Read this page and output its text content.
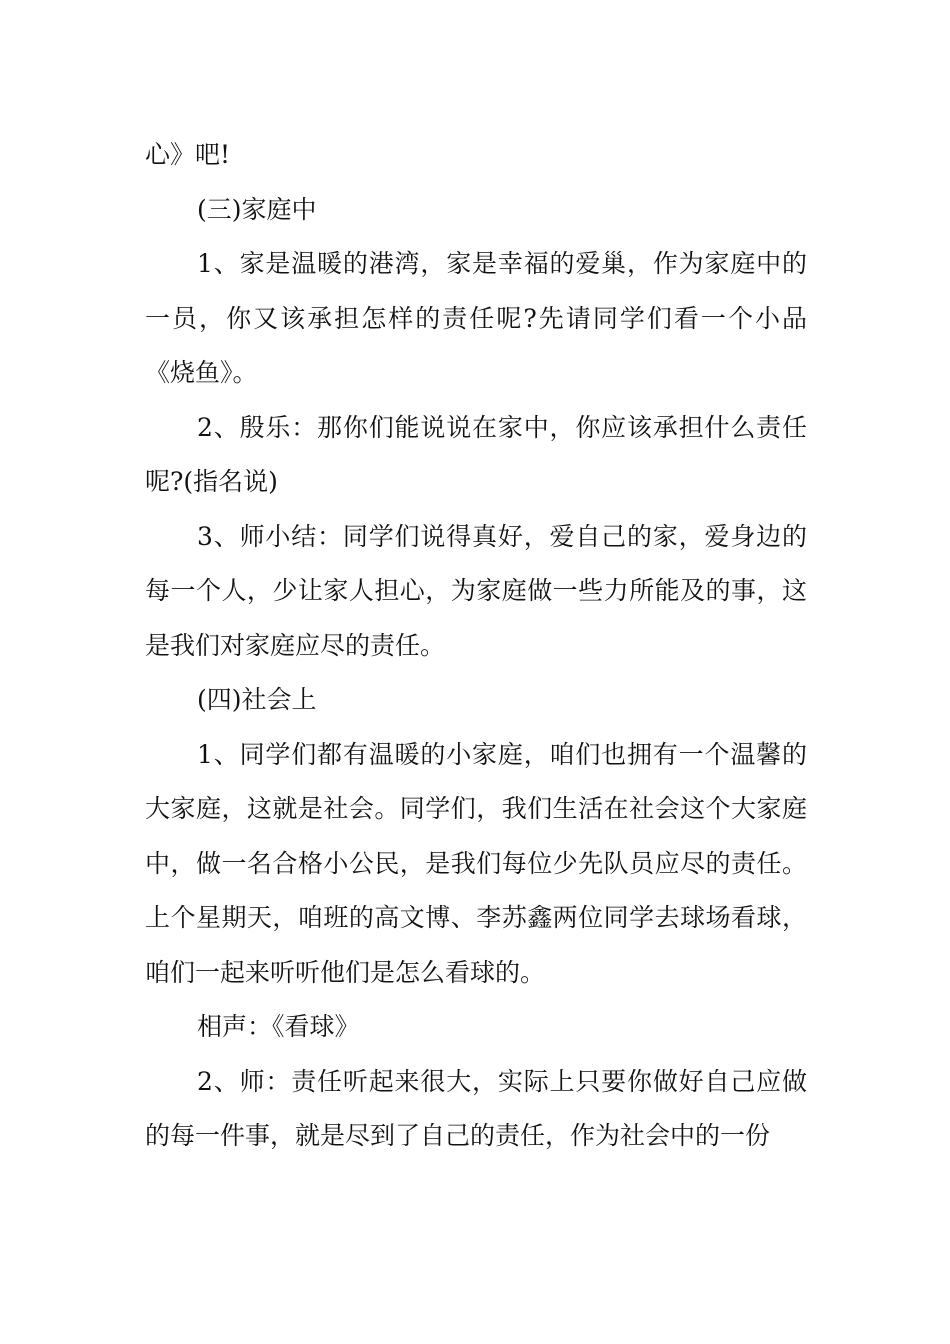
心》吧!

(三)家庭中

1、家是温暖的港湾，家是幸福的爱巢，作为家庭中的一员，你又该承担怎样的责任呢?先请同学们看一个小品《烧鱼》。

2、殷乐：那你们能说说在家中，你应该承担什么责任呢?(指名说)

3、师小结：同学们说得真好，爱自己的家，爱身边的每一个人，少让家人担心，为家庭做一些力所能及的事，这是我们对家庭应尽的责任。

(四)社会上

1、同学们都有温暖的小家庭，咱们也拥有一个温馨的大家庭，这就是社会。同学们，我们生活在社会这个大家庭中，做一名合格小公民，是我们每位少先队员应尽的责任。上个星期天，咱班的高文博、李苏鑫两位同学去球场看球，咱们一起来听听他们是怎么看球的。

相声：《看球》

2、师：责任听起来很大，实际上只要你做好自己应做的每一件事，就是尽到了自己的责任，作为社会中的一份
